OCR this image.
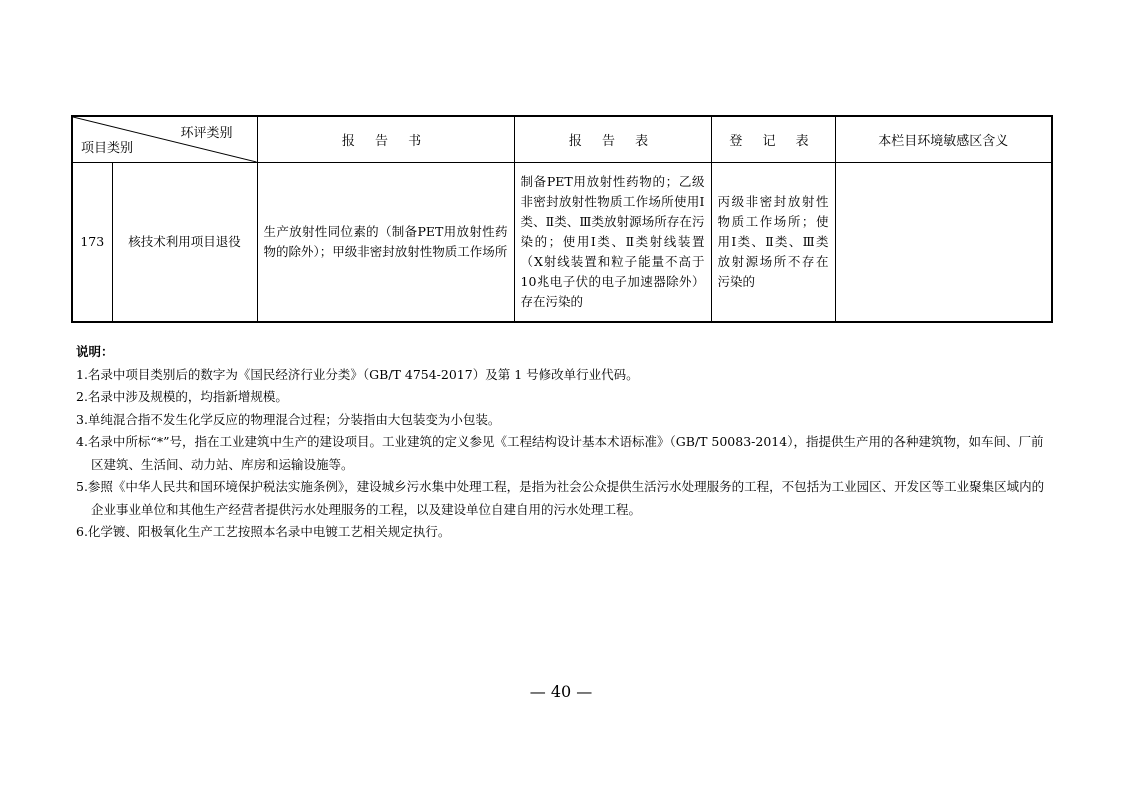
环评类别
项目类别		报 告 书	报 告 表	登 记 表	本栏目环境敏感区含义
173	核技术利用项目退役	生产放射性同位素的（制备PET用放射性药物的除外）；甲级非密封放射性物质工作场所	制备PET用放射性药物的；乙级非密封放射性物质工作场所使用Ⅰ类、Ⅱ类、Ⅲ类放射源场所存在污染的；使用Ⅰ类、Ⅱ类射线装置（X射线装置和粒子能量不高于10兆电子伏的电子加速器除外）存在污染的	丙级非密封放射性物质工作场所；使用Ⅰ类、Ⅱ类、Ⅲ类放射源场所不存在污染的	

说明：
1.名录中项目类别后的数字为《国民经济行业分类》（GB/T 4754-2017）及第 1 号修改单行业代码。
2.名录中涉及规模的，均指新增规模。
3.单纯混合指不发生化学反应的物理混合过程；分装指由大包装变为小包装。
4.名录中所标“*”号，指在工业建筑中生产的建设项目。工业建筑的定义参见《工程结构设计基本术语标准》（GB/T 50083-2014），指提供生产用的各种建筑物，如车间、厂前区建筑、生活间、动力站、库房和运输设施等。
5.参照《中华人民共和国环境保护税法实施条例》，建设城乡污水集中处理工程，是指为社会公众提供生活污水处理服务的工程，不包括为工业园区、开发区等工业聚集区域内的企业事业单位和其他生产经营者提供污水处理服务的工程，以及建设单位自建自用的污水处理工程。
6.化学镀、阳极氧化生产工艺按照本名录中电镀工艺相关规定执行。
— 40 —
